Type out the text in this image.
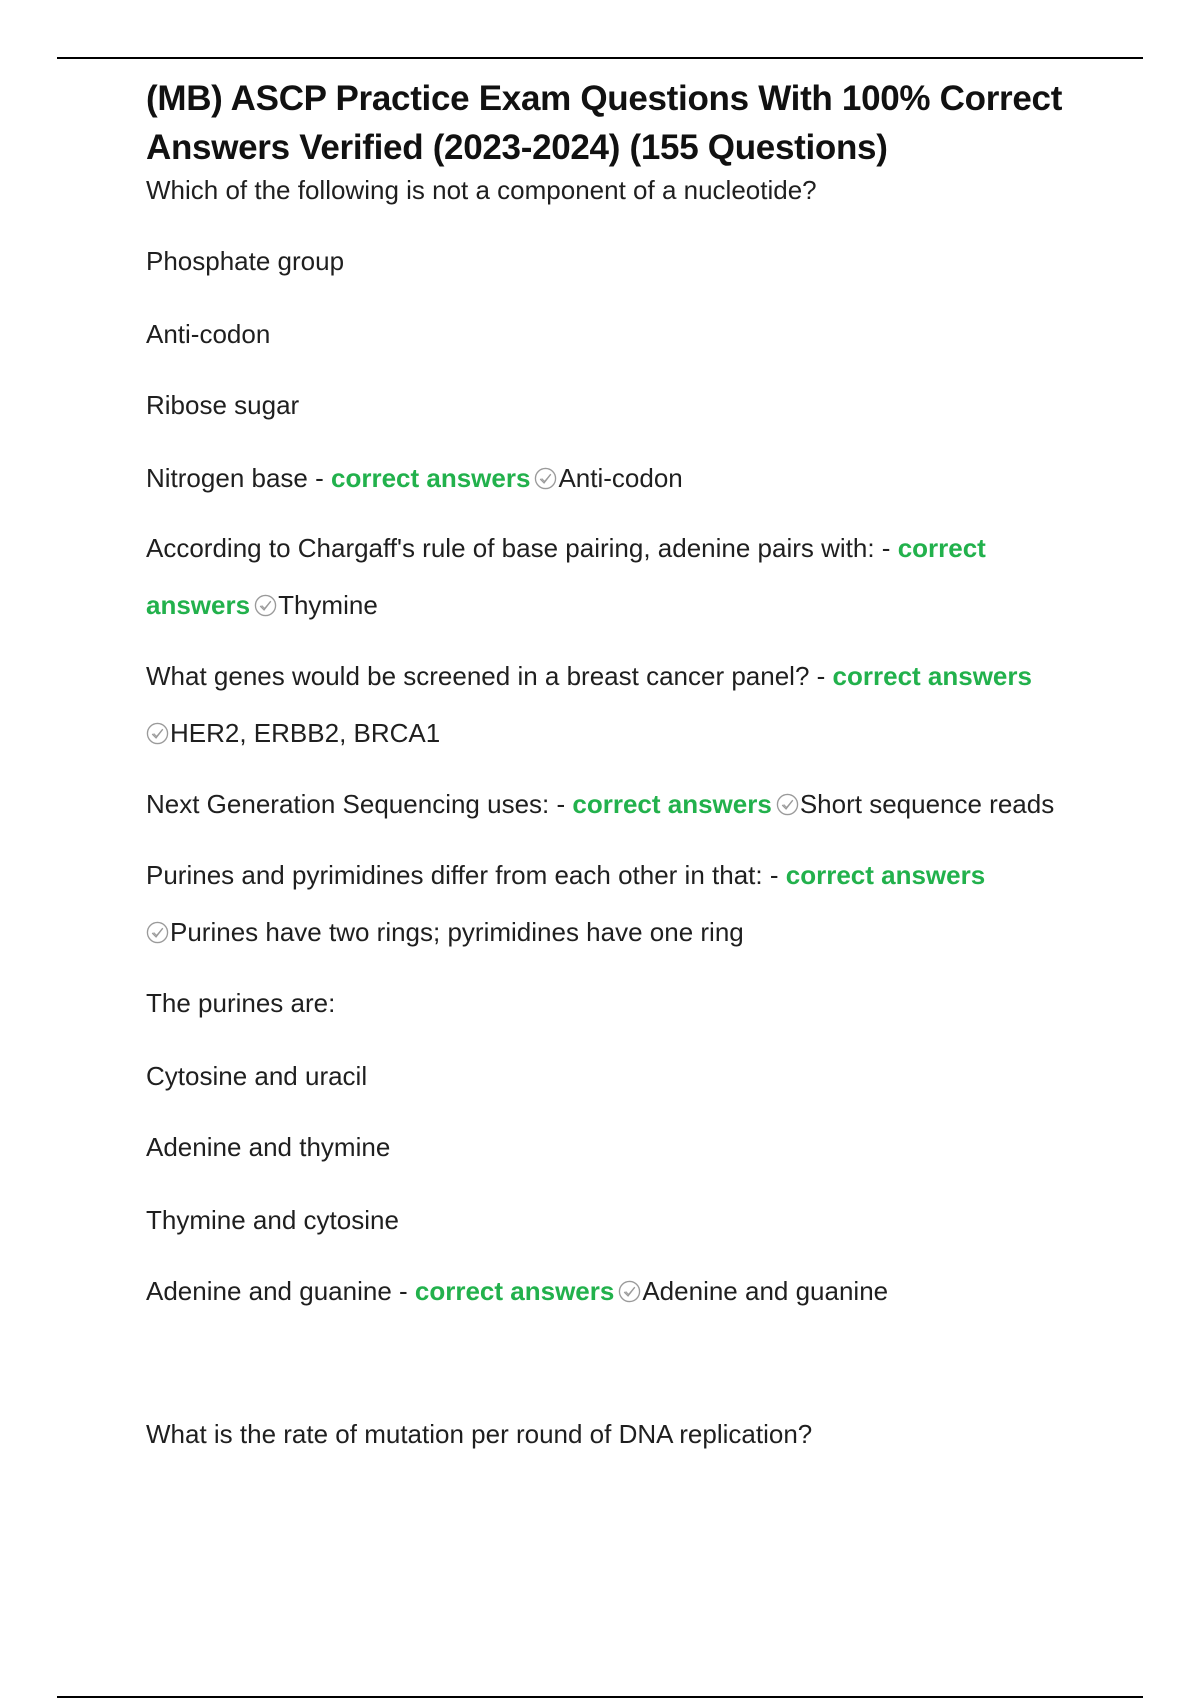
(MB) ASCP Practice Exam Questions With 100% Correct Answers Verified (2023-2024) (155 Questions)

Which of the following is not a component of a nucleotide?

Phosphate group

Anti-codon

Ribose sugar

Nitrogen base - correct answers Anti-codon

According to Chargaff's rule of base pairing, adenine pairs with: - correct

answers Thymine

What genes would be screened in a breast cancer panel? - correct answers

HER2, ERBB2, BRCA1

Next Generation Sequencing uses: - correct answers Short sequence reads

Purines and pyrimidines differ from each other in that: - correct answers

Purines have two rings; pyrimidines have one ring

The purines are:

Cytosine and uracil

Adenine and thymine

Thymine and cytosine

Adenine and guanine - correct answers Adenine and guanine

What is the rate of mutation per round of DNA replication?
